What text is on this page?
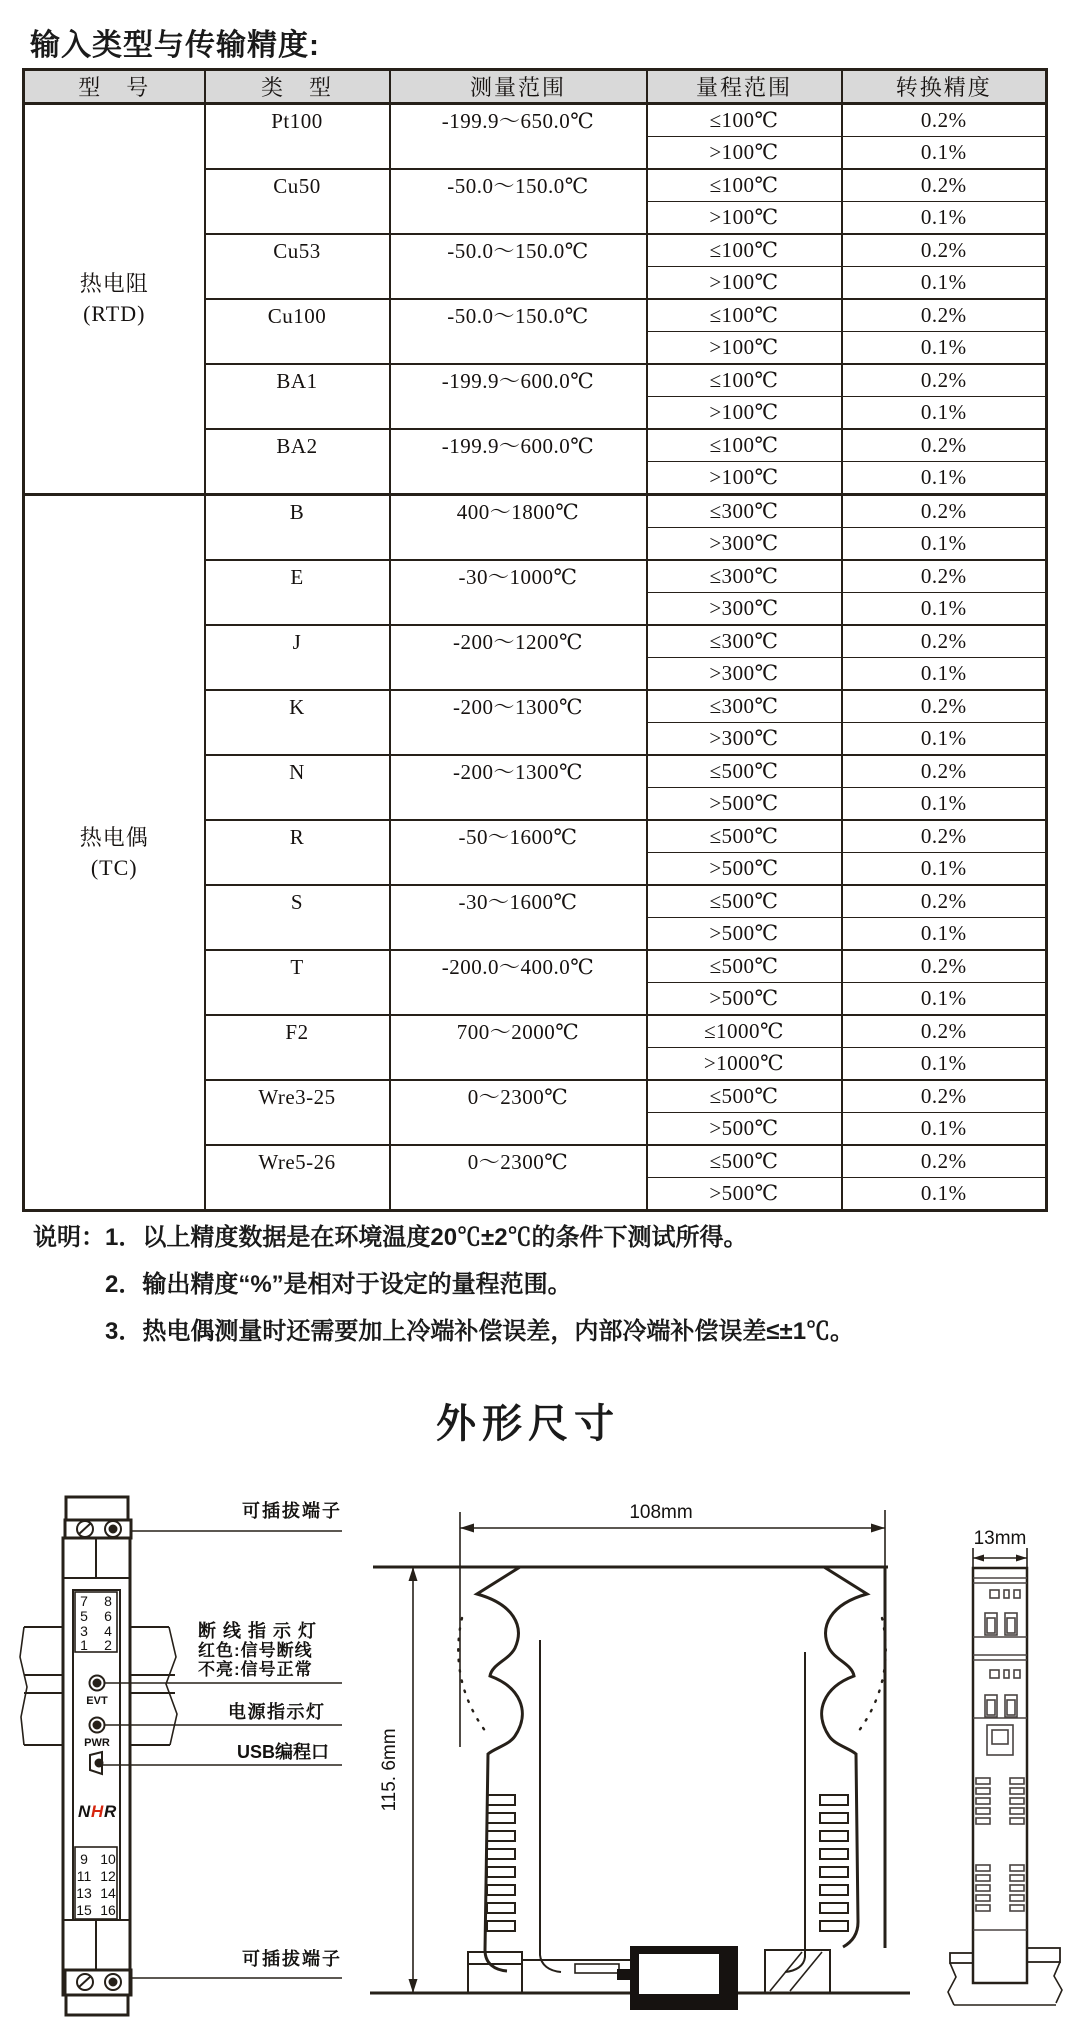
输入类型与传输精度:
型　号	类　型	测量范围	量程范围	转换精度

热电阻
(RTD)	Pt100	-199.9～650.0℃	≤100℃	0.2%
			>100℃	0.1%
	Cu50	-50.0～150.0℃	≤100℃	0.2%
			>100℃	0.1%
	Cu53	-50.0～150.0℃	≤100℃	0.2%
			>100℃	0.1%
	Cu100	-50.0～150.0℃	≤100℃	0.2%
			>100℃	0.1%
	BA1	-199.9～600.0℃	≤100℃	0.2%
			>100℃	0.1%
	BA2	-199.9～600.0℃	≤100℃	0.2%
			>100℃	0.1%

热电偶
(TC)	B	400～1800℃	≤300℃	0.2%
			>300℃	0.1%
	E	-30～1000℃	≤300℃	0.2%
			>300℃	0.1%
	J	-200～1200℃	≤300℃	0.2%
			>300℃	0.1%
	K	-200～1300℃	≤300℃	0.2%
			>300℃	0.1%
	N	-200～1300℃	≤500℃	0.2%
			>500℃	0.1%
	R	-50～1600℃	≤500℃	0.2%
			>500℃	0.1%
	S	-30～1600℃	≤500℃	0.2%
			>500℃	0.1%
	T	-200.0～400.0℃	≤500℃	0.2%
			>500℃	0.1%
	F2	700～2000℃	≤1000℃	0.2%
			>1000℃	0.1%
	Wre3-25	0～2300℃	≤500℃	0.2%
			>500℃	0.1%
	Wre5-26	0～2300℃	≤500℃	0.2%
			>500℃	0.1%
说明：1．以上精度数据是在环境温度20℃±2℃的条件下测试所得。
2．输出精度“%”是相对于设定的量程范围。
3．热电偶测量时还需要加上冷端补偿误差，内部冷端补偿误差≤±1℃。
外形尺寸
7 8
5 6
3 4
1 2
9 10
11 12
13 14
15 16
EVT
PWR
NHR
可插拔端子
断线指示灯
红色:信号断线
不亮:信号正常
电源指示灯
USB编程口
可插拔端子
108mm
115. 6mm
13mm
